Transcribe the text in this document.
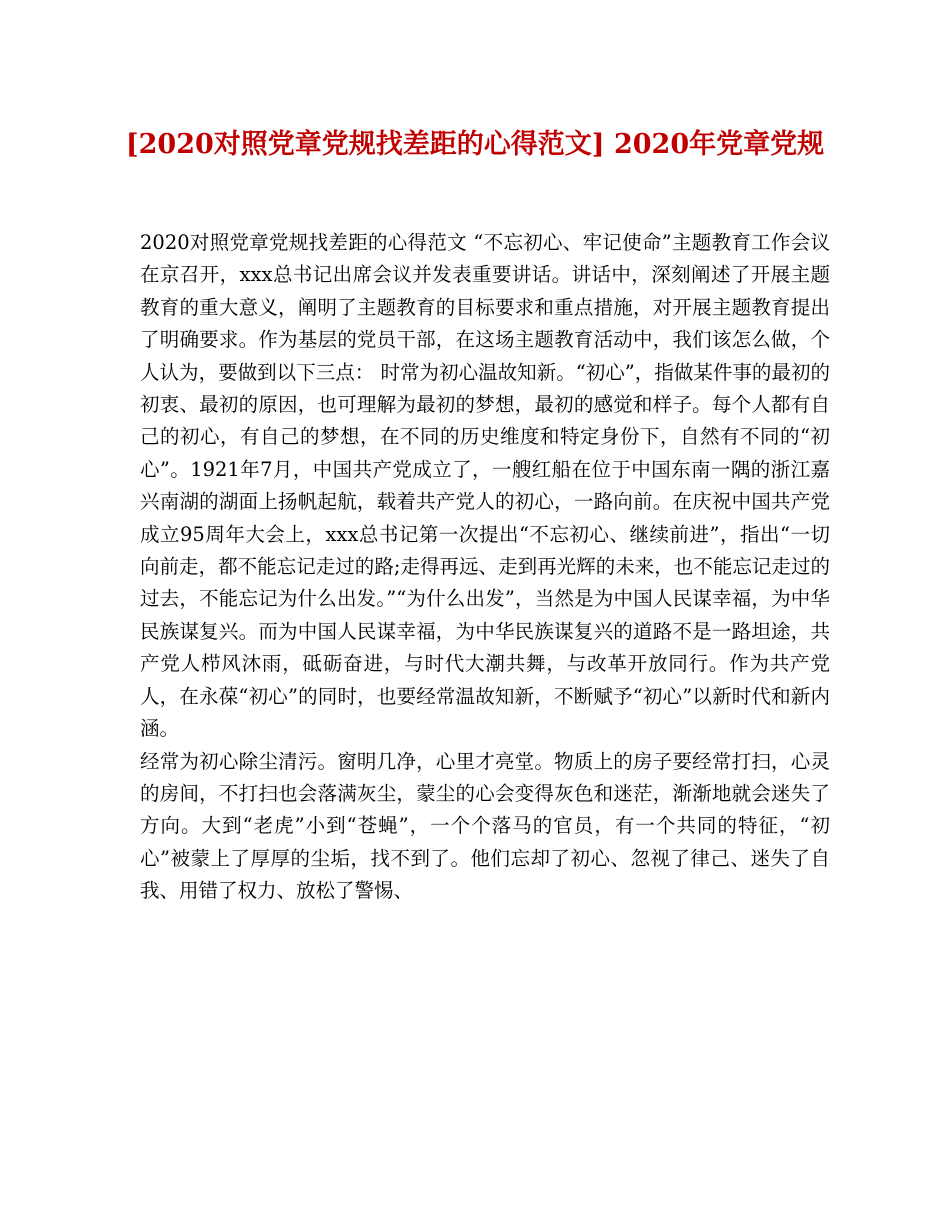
[2020对照党章党规找差距的心得范文] 2020年党章党规

2020对照党章党规找差距的心得范文 “不忘初心、牢记使命”主题教育工作会议在京召开，xxx总书记出席会议并发表重要讲话。讲话中，深刻阐述了开展主题教育的重大意义，阐明了主题教育的目标要求和重点措施，对开展主题教育提出了明确要求。作为基层的党员干部，在这场主题教育活动中，我们该怎么做，个人认为，要做到以下三点： 时常为初心温故知新。“初心”，指做某件事的最初的初衷、最初的原因，也可理解为最初的梦想，最初的感觉和样子。每个人都有自己的初心，有自己的梦想，在不同的历史维度和特定身份下，自然有不同的“初心”。1921年7月，中国共产党成立了，一艘红船在位于中国东南一隅的浙江嘉兴南湖的湖面上扬帆起航，载着共产党人的初心，一路向前。在庆祝中国共产党成立95周年大会上，xxx总书记第一次提出“不忘初心、继续前进”，指出“一切向前走，都不能忘记走过的路;走得再远、走到再光辉的未来，也不能忘记走过的过去，不能忘记为什么出发。”“为什么出发”，当然是为中国人民谋幸福，为中华民族谋复兴。而为中国人民谋幸福，为中华民族谋复兴的道路不是一路坦途，共产党人栉风沐雨，砥砺奋进，与时代大潮共舞，与改革开放同行。作为共产党人，在永葆“初心”的同时，也要经常温故知新，不断赋予“初心”以新时代和新内涵。

经常为初心除尘清污。窗明几净，心里才亮堂。物质上的房子要经常打扫，心灵的房间，不打扫也会落满灰尘，蒙尘的心会变得灰色和迷茫，渐渐地就会迷失了方向。大到“老虎”小到“苍蝇”，一个个落马的官员，有一个共同的特征，“初心”被蒙上了厚厚的尘垢，找不到了。他们忘却了初心、忽视了律己、迷失了自我、用错了权力、放松了警惕、
